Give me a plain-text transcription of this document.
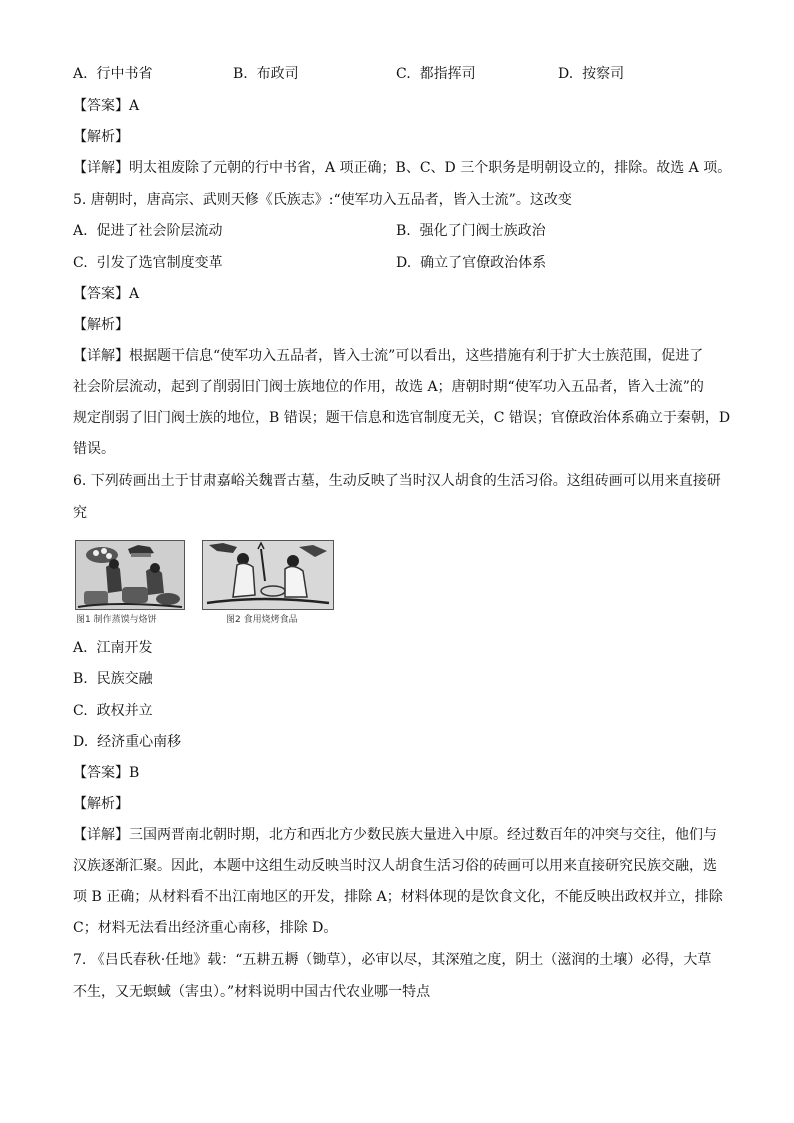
A. 行中书省	B. 布政司	C. 都指挥司	D. 按察司
【答案】A
【解析】
【详解】明太祖废除了元朝的行中书省，A 项正确；B、C、D 三个职务是明朝设立的，排除。故选 A 项。
5. 唐朝时，唐高宗、武则天修《氏族志》:“使军功入五品者，皆入士流”。这改变
A. 促进了社会阶层流动	B. 强化了门阀士族政治
C. 引发了选官制度变革	D. 确立了官僚政治体系
【答案】A
【解析】
【详解】根据题干信息“使军功入五品者，皆入士流”可以看出，这些措施有利于扩大士族范围，促进了
社会阶层流动，起到了削弱旧门阀士族地位的作用，故选 A；唐朝时期“使军功入五品者，皆入士流”的
规定削弱了旧门阀士族的地位，B 错误；题干信息和选官制度无关，C 错误；官僚政治体系确立于秦朝，D
错误。
6. 下列砖画出土于甘肃嘉峪关魏晋古墓，生动反映了当时汉人胡食的生活习俗。这组砖画可以用来直接研
究
图1 制作蒸馍与烙饼	图2 食用烧烤食品
A. 江南开发
B. 民族交融
C. 政权并立
D. 经济重心南移
【答案】B
【解析】
【详解】三国两晋南北朝时期，北方和西北方少数民族大量进入中原。经过数百年的冲突与交往，他们与
汉族逐渐汇聚。因此，本题中这组生动反映当时汉人胡食生活习俗的砖画可以用来直接研究民族交融，选
项 B 正确；从材料看不出江南地区的开发，排除 A；材料体现的是饮食文化，不能反映出政权并立，排除
C；材料无法看出经济重心南移，排除 D。
7. 《吕氏春秋·任地》载：“五耕五耨（锄草），必审以尽，其深殖之度，阴土（滋润的土壤）必得，大草
不生，又无螟蜮（害虫）。”材料说明中国古代农业哪一特点
